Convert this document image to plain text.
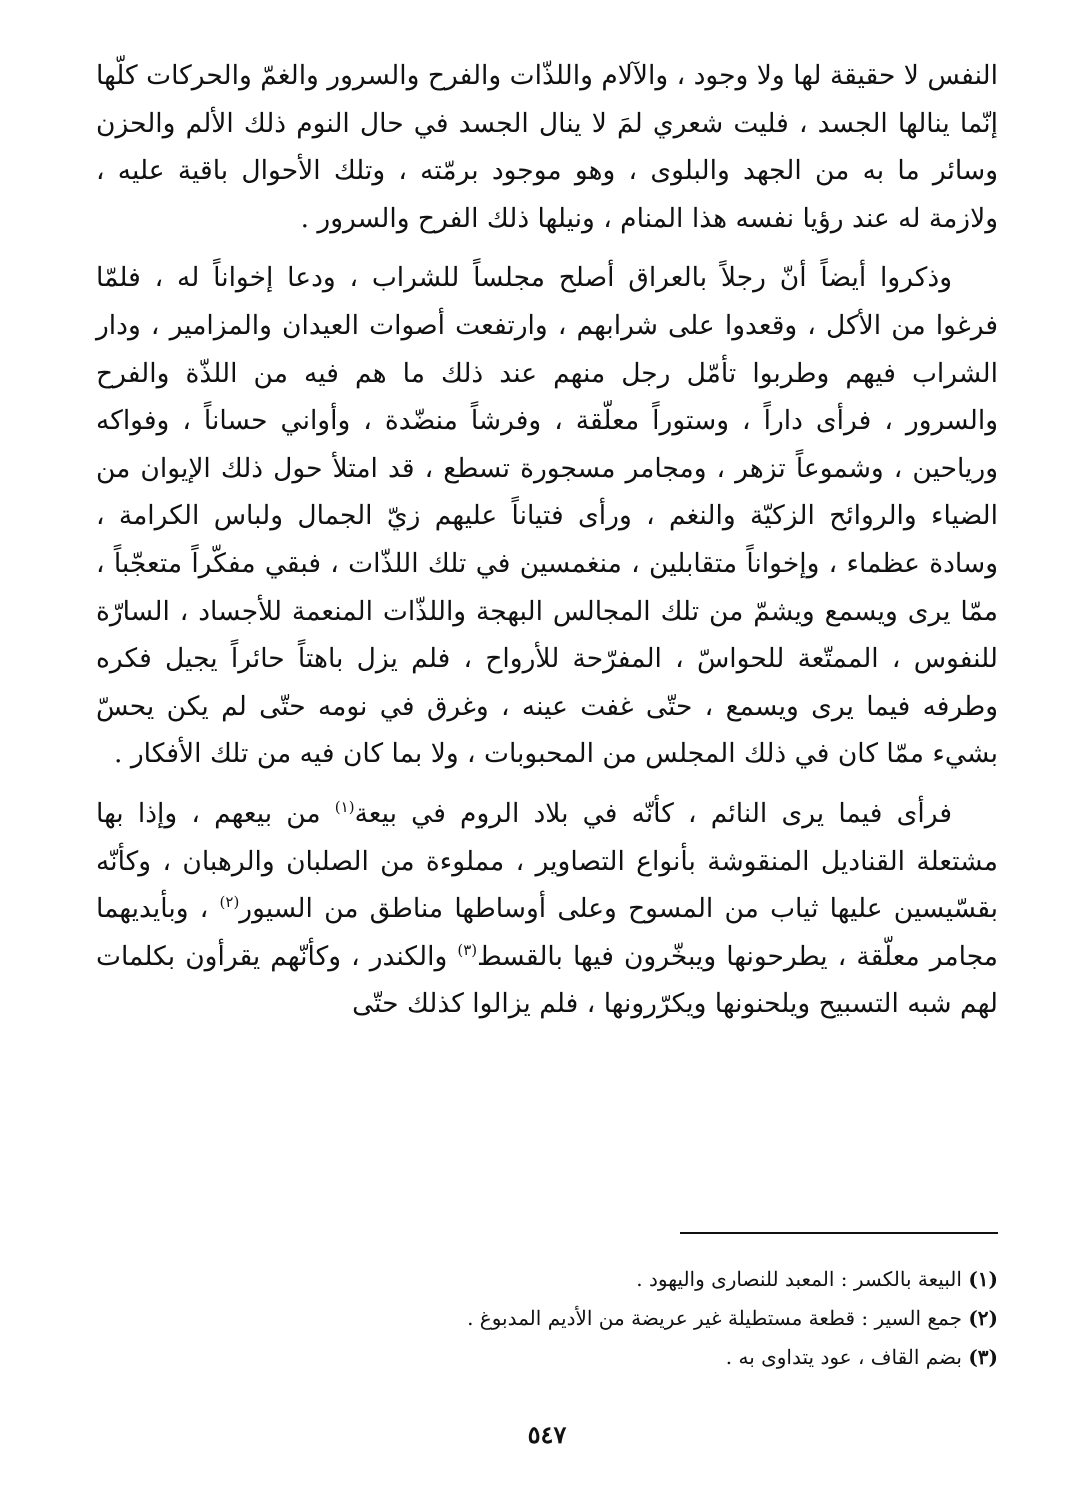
النفس لا حقيقة لها ولا وجود ، والآلام واللذّات والفرح والسرور والغمّ والحركات كلّها إنّما ينالها الجسد ، فليت شعري لمَ لا ينال الجسد في حال النوم ذلك الألم والحزن وسائر ما به من الجهد والبلوى ، وهو موجود برمّته ، وتلك الأحوال باقية عليه ، ولازمة له عند رؤيا نفسه هذا المنام ، ونيلها ذلك الفرح والسرور .

وذكروا أيضاً أنّ رجلاً بالعراق أصلح مجلساً للشراب ، ودعا إخواناً له ، فلمّا فرغوا من الأكل ، وقعدوا على شرابهم ، وارتفعت أصوات العيدان والمزامير ، ودار الشراب فيهم وطربوا تأمّل رجل منهم عند ذلك ما هم فيه من اللذّة والفرح والسرور ، فرأى داراً ، وستوراً معلّقة ، وفرشاً منضّدة ، وأواني حساناً ، وفواكه ورياحين ، وشموعاً تزهر ، ومجامر مسجورة تسطع ، قد امتلأ حول ذلك الإيوان من الضياء والروائح الزكيّة والنغم ، ورأى فتياناً عليهم زيّ الجمال ولباس الكرامة ، وسادة عظماء ، وإخواناً متقابلين ، منغمسين في تلك اللذّات ، فبقي مفكّراً متعجّباً ، ممّا يرى ويسمع ويشمّ من تلك المجالس البهجة واللذّات المنعمة للأجساد ، السارّة للنفوس ، الممتّعة للحواسّ ، المفرّحة للأرواح ، فلم يزل باهتاً حائراً يجيل فكره وطرفه فيما يرى ويسمع ، حتّى غفت عينه ، وغرق في نومه حتّى لم يكن يحسّ بشيء ممّا كان في ذلك المجلس من المحبوبات ، ولا بما كان فيه من تلك الأفكار .

فرأى فيما يرى النائم ، كأنّه في بلاد الروم في بيعة$^{(١)}$ من بيعهم ، وإذا بها مشتعلة القناديل المنقوشة بأنواع التصاوير ، مملوءة من الصلبان والرهبان ، وكأنّه بقسّيسين عليها ثياب من المسوح وعلى أوساطها مناطق من السيور$^{(٢)}$ ، وبأيديهما مجامر معلّقة ، يطرحونها ويبخّرون فيها بالقسط$^{(٣)}$ والكندر ، وكأنّهم يقرأون بكلمات لهم شبه التسبيح ويلحنونها ويكرّرونها ، فلم يزالوا كذلك حتّى

(١) البيعة بالكسر : المعبد للنصارى واليهود .

(٢) جمع السير : قطعة مستطيلة غير عريضة من الأديم المدبوغ .

(٣) بضم القاف ، عود يتداوى به .

٥٤٧
